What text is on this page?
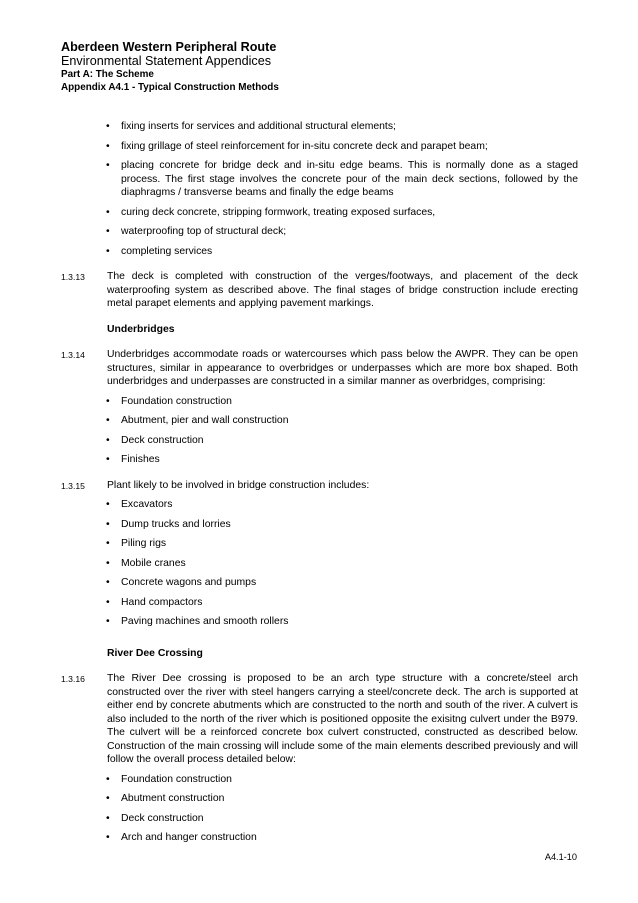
Aberdeen Western Peripheral Route
Environmental Statement Appendices
Part A: The Scheme
Appendix A4.1 - Typical Construction Methods
• fixing inserts for services and additional structural elements;
• fixing grillage of steel reinforcement for in-situ concrete deck and parapet beam;
• placing concrete for bridge deck and in-situ edge beams. This is normally done as a staged process. The first stage involves the concrete pour of the main deck sections, followed by the diaphragms / transverse beams and finally the edge beams
• curing deck concrete, stripping formwork, treating exposed surfaces,
• waterproofing top of structural deck;
• completing services
1.3.13 The deck is completed with construction of the verges/footways, and placement of the deck waterproofing system as described above. The final stages of bridge construction include erecting metal parapet elements and applying pavement markings.
Underbridges
1.3.14 Underbridges accommodate roads or watercourses which pass below the AWPR. They can be open structures, similar in appearance to overbridges or underpasses which are more box shaped. Both underbridges and underpasses are constructed in a similar manner as overbridges, comprising:
• Foundation construction
• Abutment, pier and wall construction
• Deck construction
• Finishes
1.3.15 Plant likely to be involved in bridge construction includes:
• Excavators
• Dump trucks and lorries
• Piling rigs
• Mobile cranes
• Concrete wagons and pumps
• Hand compactors
• Paving machines and smooth rollers
River Dee Crossing
1.3.16 The River Dee crossing is proposed to be an arch type structure with a concrete/steel arch constructed over the river with steel hangers carrying a steel/concrete deck. The arch is supported at either end by concrete abutments which are constructed to the north and south of the river. A culvert is also included to the north of the river which is positioned opposite the exisitng culvert under the B979. The culvert will be a reinforced concrete box culvert constructed, constructed as described below. Construction of the main crossing will include some of the main elements described previously and will follow the overall process detailed below:
• Foundation construction
• Abutment construction
• Deck construction
• Arch and hanger construction
A4.1-10
